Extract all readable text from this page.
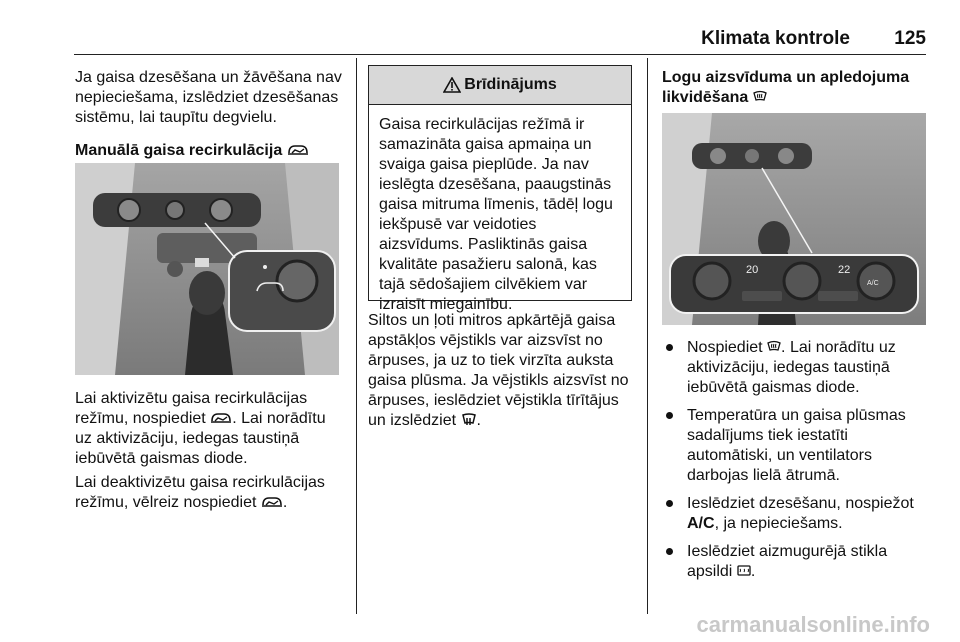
Klimata kontrole	125

Ja gaisa dzesēšana un žāvēšana nav nepieciešama, izslēdziet dzesēšanas sistēmu, lai taupītu degvielu.

Manuālā gaisa recirkulācija

Lai aktivizētu gaisa recirkulācijas režīmu, nospiediet . Lai norādītu uz aktivizāciju, iedegas taustiņā iebūvētā gaismas diode.

Lai deaktivizētu gaisa recirkulācijas režīmu, vēlreiz nospiediet .

Brīdinājums
Gaisa recirkulācijas režīmā ir samazināta gaisa apmaiņa un svaiga gaisa pieplūde. Ja nav ieslēgta dzesēšana, paaugstinās gaisa mitruma līmenis, tādēļ logu iekšpusē var veidoties aizsvīdums. Pasliktinās gaisa kvalitāte pasažieru salonā, kas tajā sēdošajiem cilvēkiem var izraisīt miegainību.

Siltos un ļoti mitros apkārtējā gaisa apstākļos vējstikls var aizsvīst no ārpuses, ja uz to tiek virzīta auksta gaisa plūsma. Ja vējstikls aizsvīst no ārpuses, ieslēdziet vējstikla tīrītājus un izslēdziet .

Logu aizsvīduma un apledojuma likvidēšana

20	22
A/C
Nospiediet . Lai norādītu uz aktivizāciju, iedegas taustiņā iebūvētā gaismas diode.
Temperatūra un gaisa plūsmas sadalījums tiek iestatīti automātiski, un ventilators darbojas lielā ātrumā.
Ieslēdziet dzesēšanu, nospiežot A/C, ja nepieciešams.
Ieslēdziet aizmugurējā stikla apsildi .
carmanualsonline.info
